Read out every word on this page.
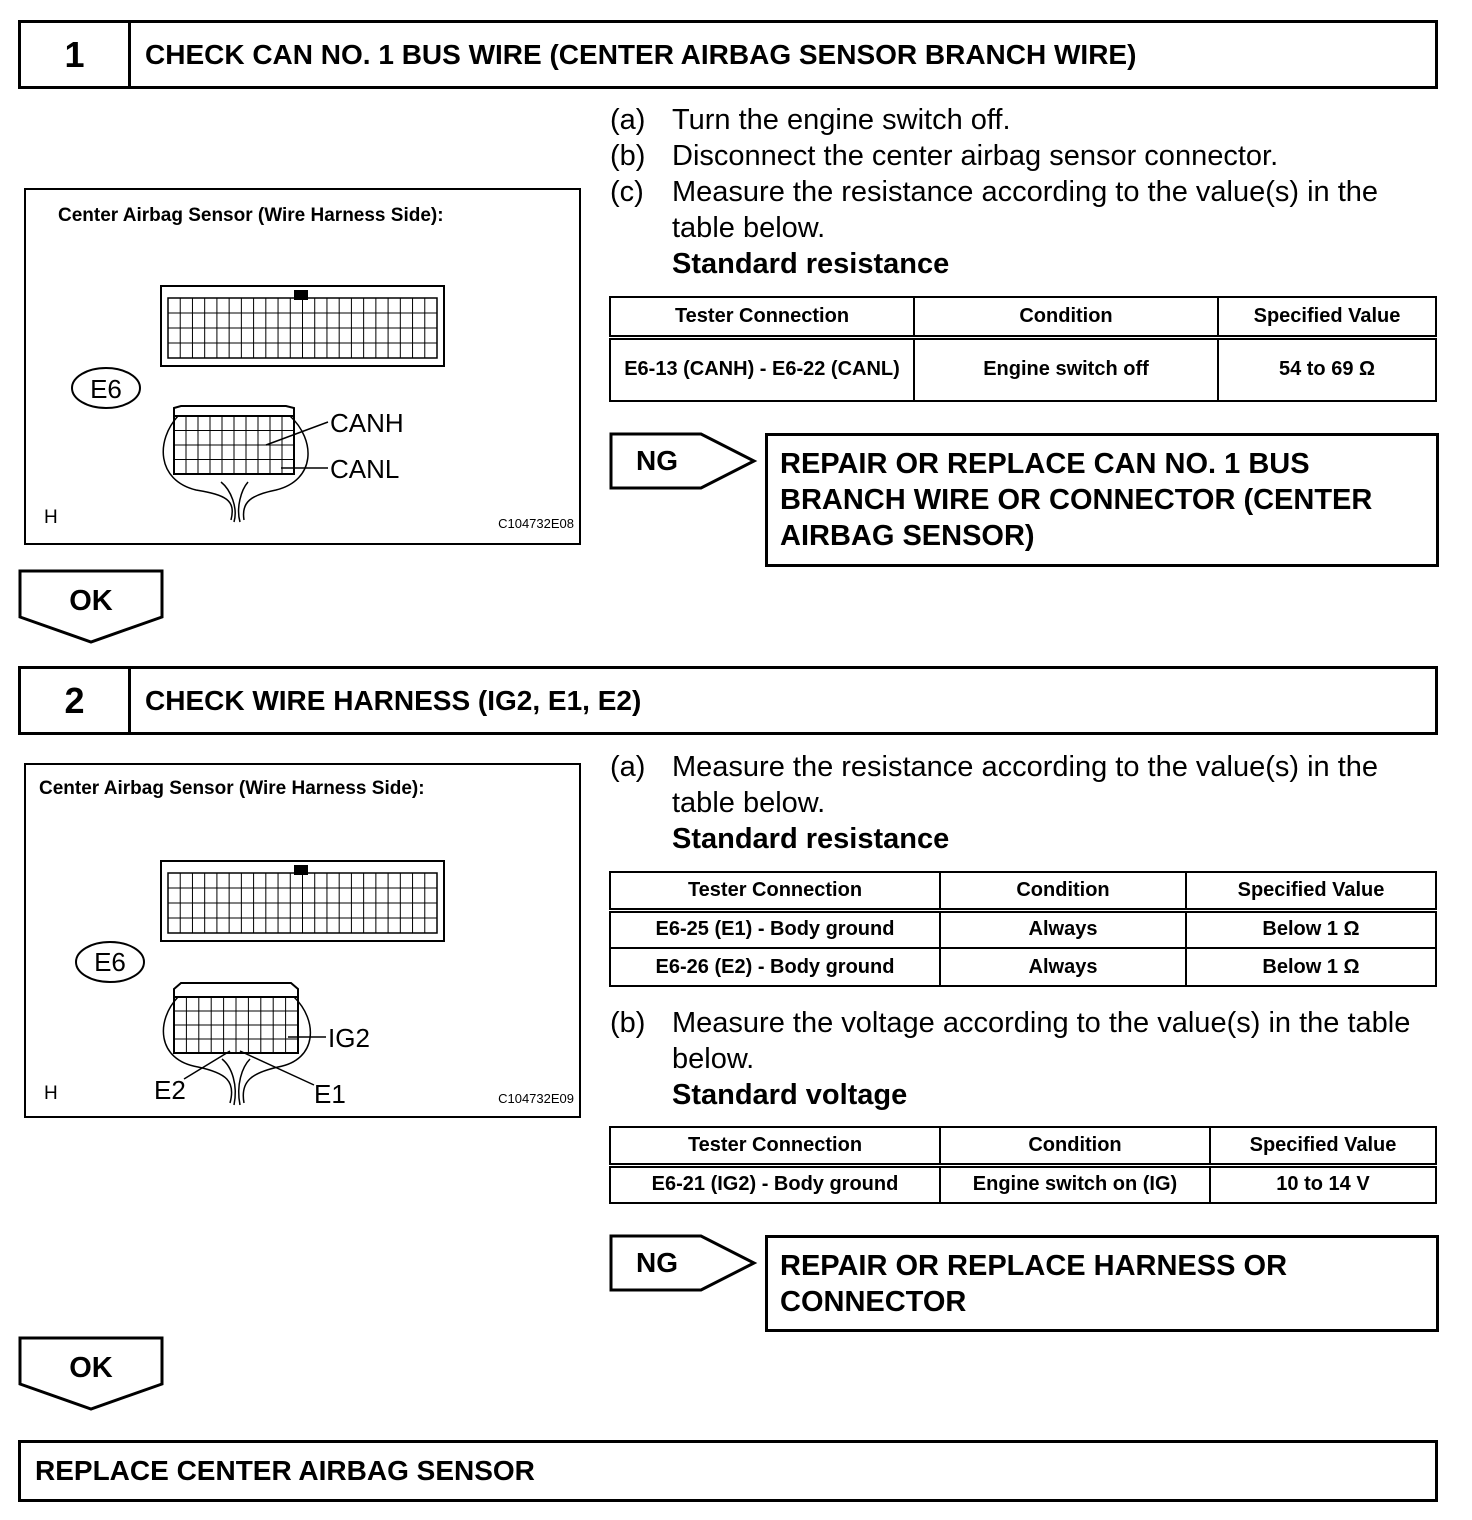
1	CHECK CAN NO. 1 BUS WIRE (CENTER AIRBAG SENSOR BRANCH WIRE)
Center Airbag Sensor (Wire Harness Side):
E6
CANH
CANL
H	C104732E08
(a) Turn the engine switch off.
(b) Disconnect the center airbag sensor connector.
(c) Measure the resistance according to the value(s) in the table below.
Standard resistance
Tester Connection	Condition	Specified Value
E6-13 (CANH) - E6-22 (CANL)	Engine switch off	54 to 69 Ω
NG	REPAIR OR REPLACE CAN NO. 1 BUS BRANCH WIRE OR CONNECTOR (CENTER AIRBAG SENSOR)
OK
2	CHECK WIRE HARNESS (IG2, E1, E2)
Center Airbag Sensor (Wire Harness Side):
E6
IG2
E2	E1
H	C104732E09
(a) Measure the resistance according to the value(s) in the table below.
Standard resistance
Tester Connection	Condition	Specified Value
E6-25 (E1) - Body ground	Always	Below 1 Ω
E6-26 (E2) - Body ground	Always	Below 1 Ω
(b) Measure the voltage according to the value(s) in the table below.
Standard voltage
Tester Connection	Condition	Specified Value
E6-21 (IG2) - Body ground	Engine switch on (IG)	10 to 14 V
NG	REPAIR OR REPLACE HARNESS OR CONNECTOR
OK
REPLACE CENTER AIRBAG SENSOR
